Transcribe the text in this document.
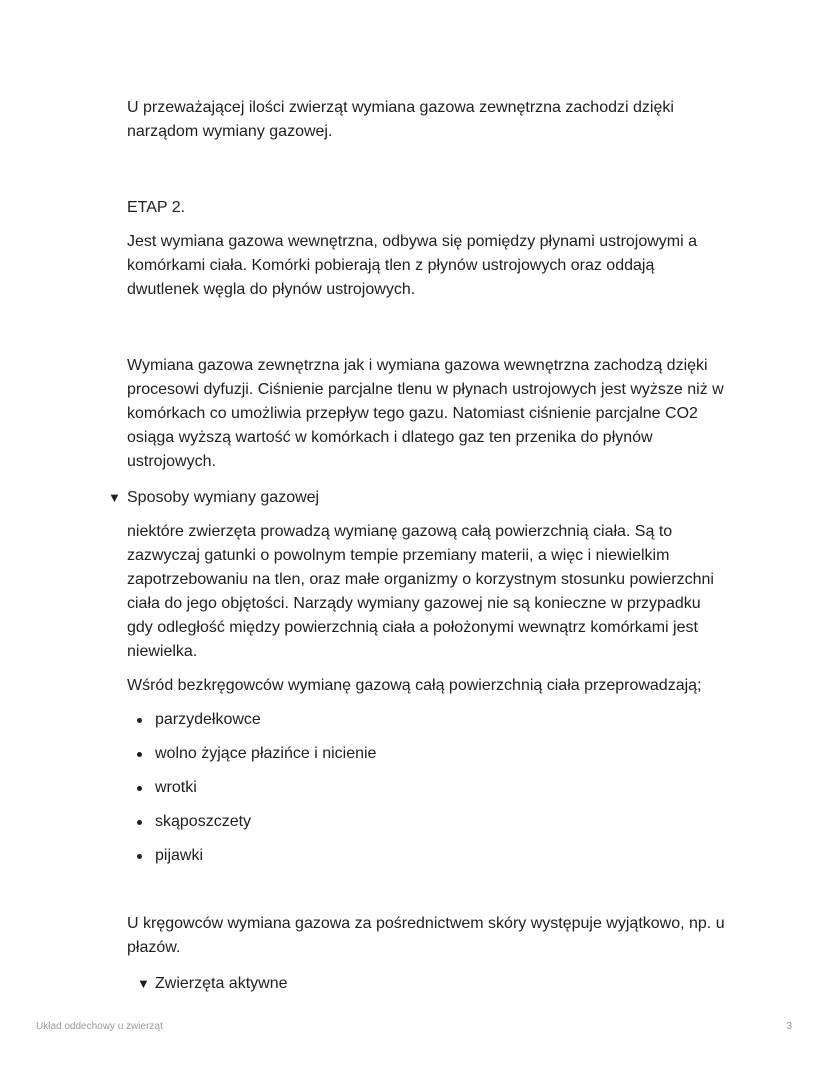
U przeważającej ilości zwierząt wymiana gazowa zewnętrzna zachodzi dzięki narządom wymiany gazowej.

ETAP 2.

Jest wymiana gazowa wewnętrzna, odbywa się pomiędzy płynami ustrojowymi a komórkami ciała. Komórki pobierają tlen z płynów ustrojowych oraz oddają dwutlenek węgla do płynów ustrojowych.

Wymiana gazowa zewnętrzna jak i wymiana gazowa wewnętrzna zachodzą dzięki procesowi dyfuzji. Ciśnienie parcjalne tlenu w płynach ustrojowych jest wyższe niż w komórkach co umożliwia przepływ tego gazu. Natomiast ciśnienie parcjalne CO2 osiąga wyższą wartość w komórkach i dlatego gaz ten przenika do płynów ustrojowych.

▼ Sposoby wymiany gazowej

niektóre zwierzęta prowadzą wymianę gazową całą powierzchnią ciała. Są to zazwyczaj gatunki o powolnym tempie przemiany materii, a więc i niewielkim zapotrzebowaniu na tlen, oraz małe organizmy o korzystnym stosunku powierzchni ciała do jego objętości. Narządy wymiany gazowej nie są konieczne w przypadku gdy odległość między powierzchnią ciała a położonymi wewnątrz komórkami jest niewielka.

Wśród bezkręgowców wymianę gazową całą powierzchnią ciała przeprowadzają;

parzydełkowce
wolno żyjące płazińce i nicienie
wrotki
skąposzczety
pijawki

U kręgowców wymiana gazowa za pośrednictwem skóry występuje wyjątkowo, np. u płazów.

▼ Zwierzęta aktywne
Układ oddechowy u zwierząt	3
